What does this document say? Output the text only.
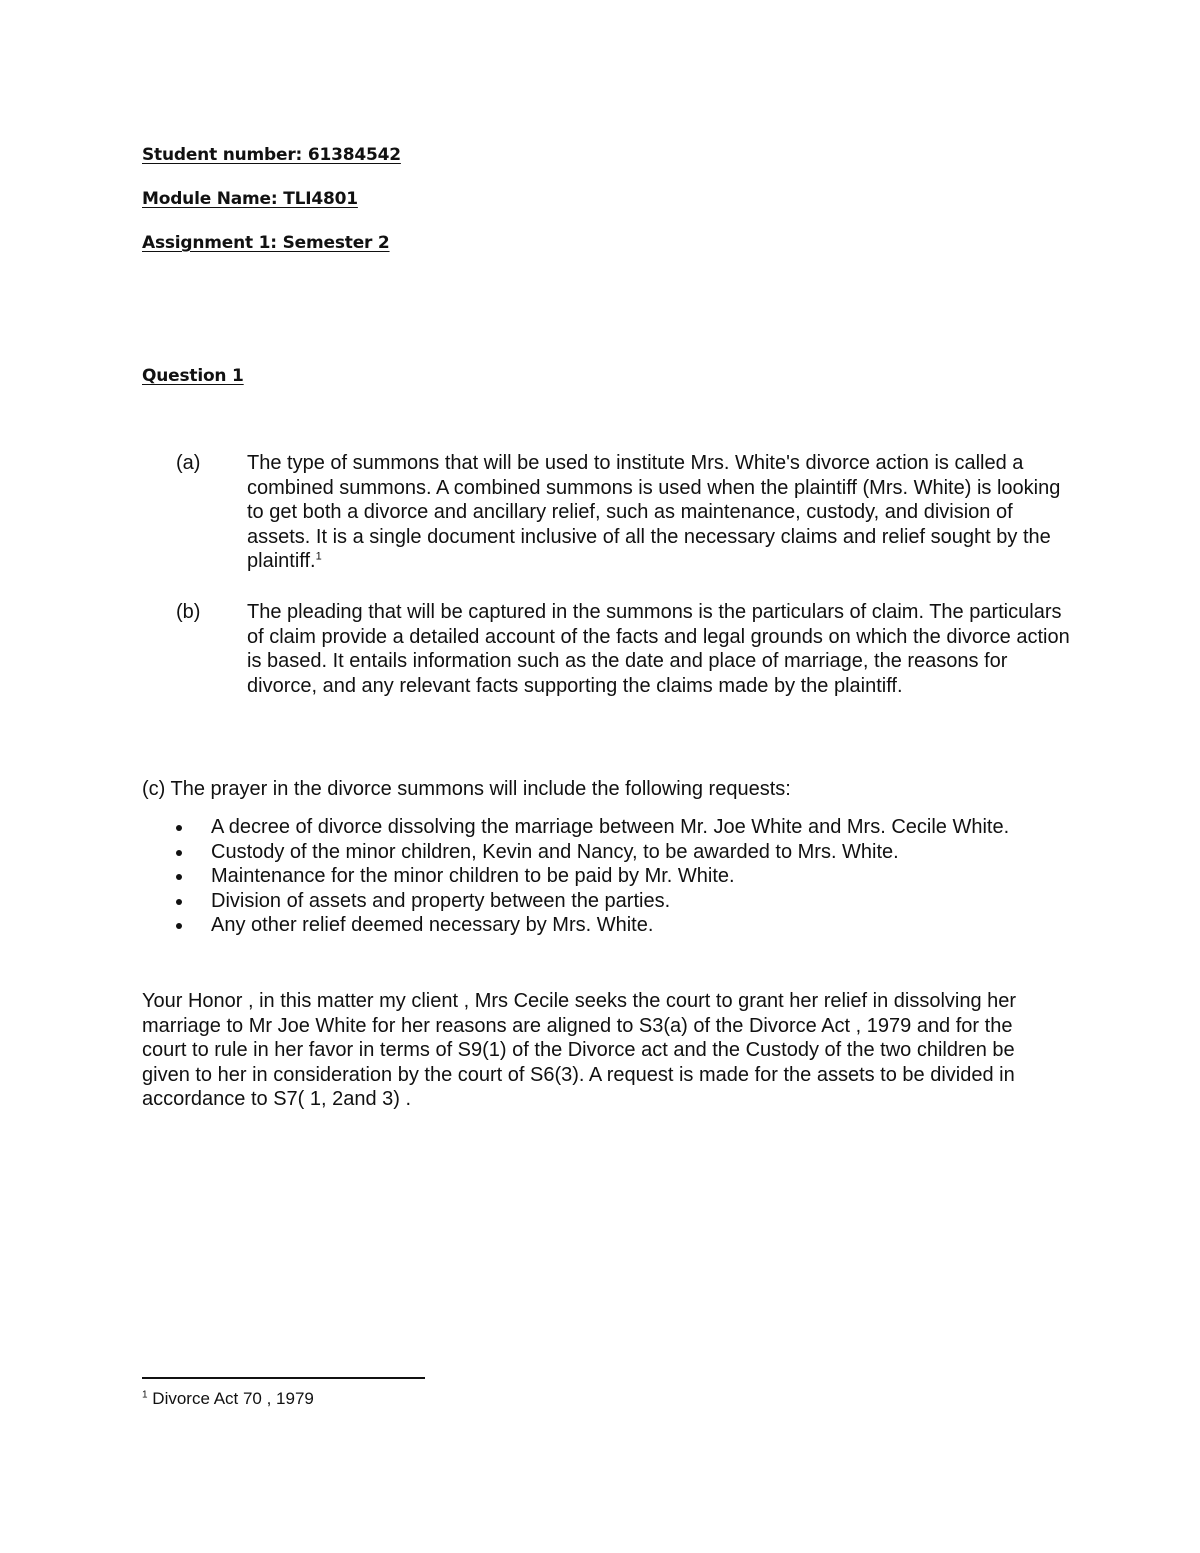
Student number: 61384542
Module Name: TLI4801
Assignment 1: Semester 2
Question 1
(a)	The type of summons that will be used to institute Mrs. White's divorce action is called a combined summons. A combined summons is used when the plaintiff (Mrs. White) is looking to get both a divorce and ancillary relief, such as maintenance, custody, and division of assets. It is a single document inclusive of all the necessary claims and relief sought by the plaintiff.$^1$
(b)	The pleading that will be captured in the summons is the particulars of claim. The particulars of claim provide a detailed account of the facts and legal grounds on which the divorce action is based. It entails information such as the date and place of marriage, the reasons for divorce, and any relevant facts supporting the claims made by the plaintiff.
(c) The prayer in the divorce summons will include the following requests:
A decree of divorce dissolving the marriage between Mr. Joe White and Mrs. Cecile White.
Custody of the minor children, Kevin and Nancy, to be awarded to Mrs. White.
Maintenance for the minor children to be paid by Mr. White.
Division of assets and property between the parties.
Any other relief deemed necessary by Mrs. White.
Your Honor , in this matter my client , Mrs Cecile seeks the court to grant her relief in dissolving her marriage to Mr Joe White for her reasons are aligned to S3(a) of the Divorce Act , 1979 and for the court to rule in her favor in terms of S9(1) of the Divorce act and the Custody of the two children be given to her in consideration by the court of S6(3). A request is made for the assets to be divided in accordance to S7( 1, 2and 3) .
$^1$ Divorce Act 70 , 1979
